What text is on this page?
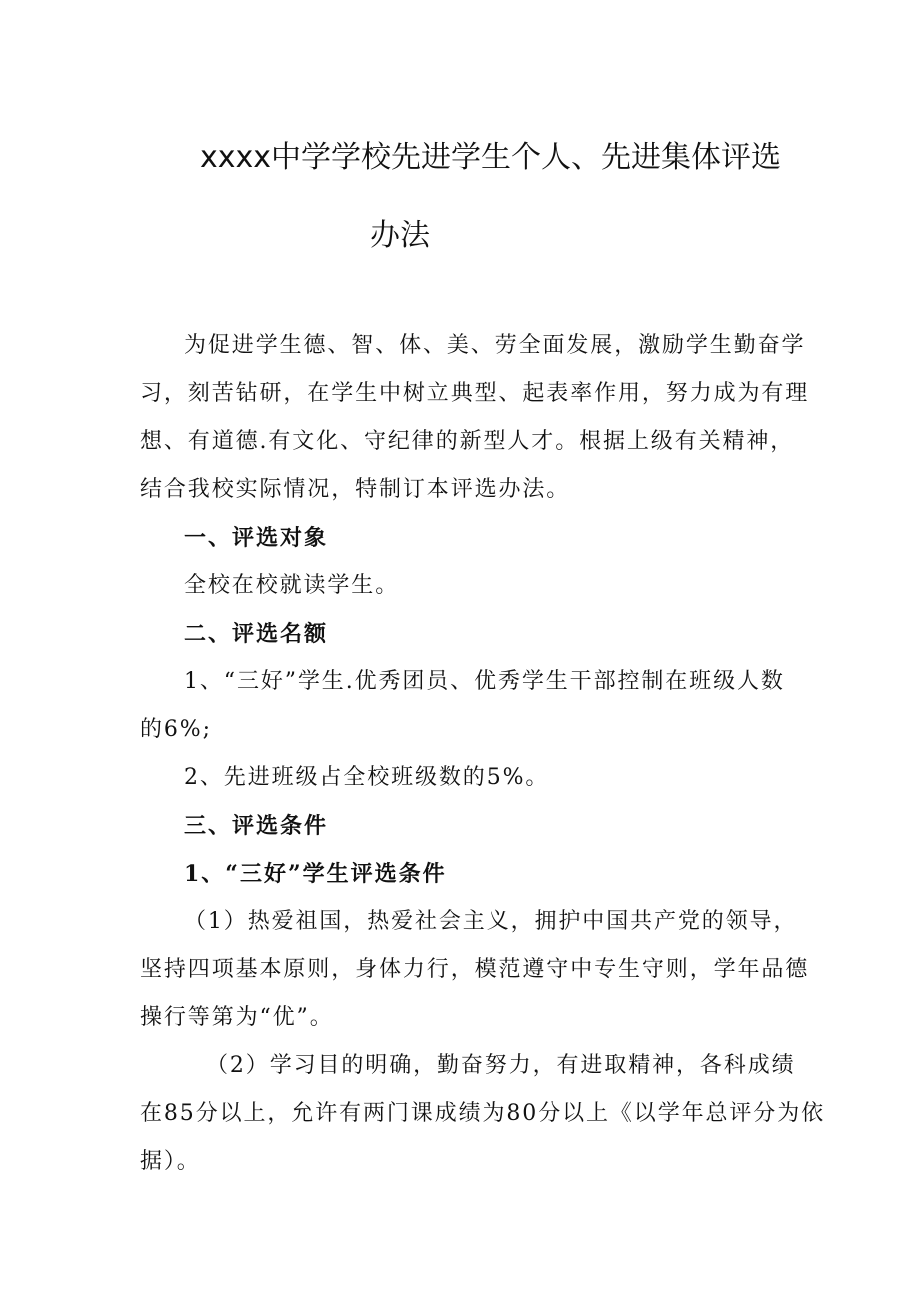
xxxx中学学校先进学生个人、先进集体评选
办法

为促进学生德、智、体、美、劳全面发展，激励学生勤奋学

习，刻苦钻研，在学生中树立典型、起表率作用，努力成为有理

想、有道德.有文化、守纪律的新型人才。根据上级有关精神，

结合我校实际情况，特制订本评选办法。

一、评选对象

全校在校就读学生。

二、评选名额

1、“三好”学生.优秀团员、优秀学生干部控制在班级人数

的6%;

2、先进班级占全校班级数的5%。

三、评选条件

1、“三好”学生评选条件

（1）热爱祖国，热爱社会主义，拥护中国共产党的领导，

坚持四项基本原则，身体力行，模范遵守中专生守则，学年品德

操行等第为“优”。

（2）学习目的明确，勤奋努力，有进取精神，各科成绩

在85分以上，允许有两门课成绩为80分以上《以学年总评分为依

据）。
